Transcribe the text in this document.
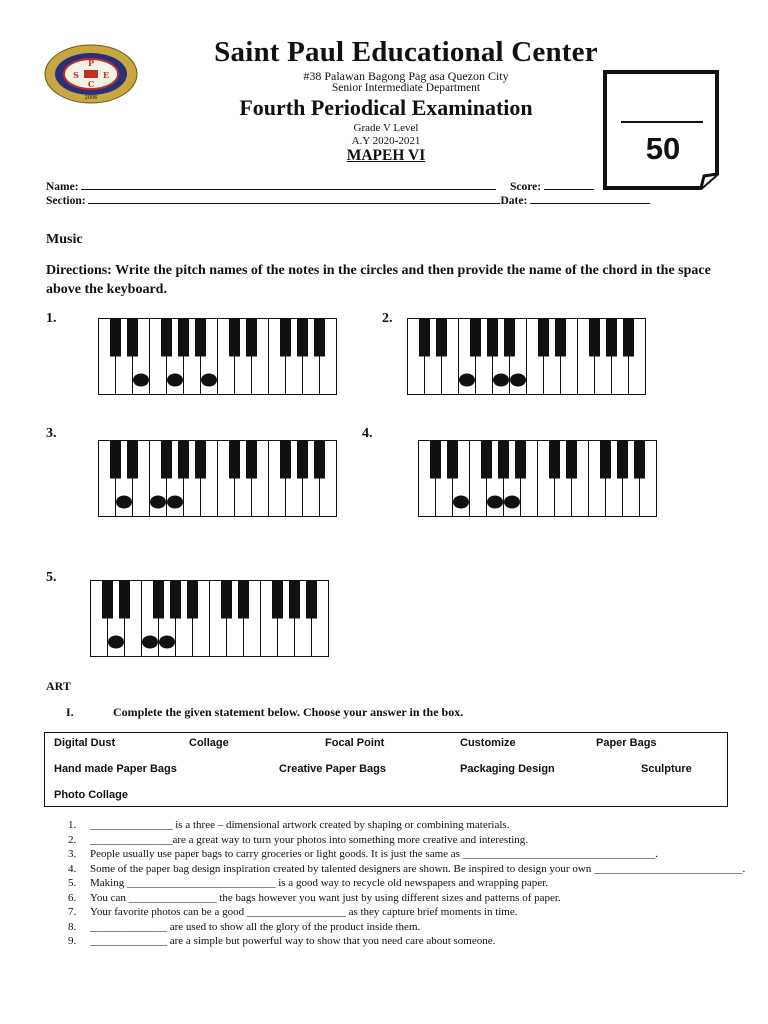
P
S	E
C
2006
Saint Paul Educational Center
#38 Palawan Bagong Pag asa Quezon City
Senior Intermediate Department
Fourth Periodical Examination
Grade V Level
A.Y 2020-2021
MAPEH VI	50
Name:	Score:
Section:	Date:
Music
Directions: Write the pitch names of the notes in the circles and then provide the name of the chord in the space above the keyboard.
1.	2.
3.	4.
5.
ART
I.	Complete the given statement below. Choose your answer in the box.
Digital Dust	Collage	Focal Point	Customize	Paper Bags
Hand made Paper Bags	Creative Paper Bags	Packaging Design	Sculpture
Photo Collage
1.	_______________ is a three – dimensional artwork created by shaping or combining materials.
2.	_______________are a great way to turn your photos into something more creative and interesting.
3.	People usually use paper bags to carry groceries or light goods. It is just the same as ___________________________________.
4.	Some of the paper bag design inspiration created by talented designers are shown. Be inspired to design your own ___________________________.
5.	Making ___________________________ is a good way to recycle old newspapers and wrapping paper.
6.	You can ________________ the bags however you want just by using different sizes and patterns of paper.
7.	Your favorite photos can be a good __________________ as they capture brief moments in time.
8.	______________ are used to show all the glory of the product inside them.
9.	______________ are a simple but powerful way to show that you need care about someone.
